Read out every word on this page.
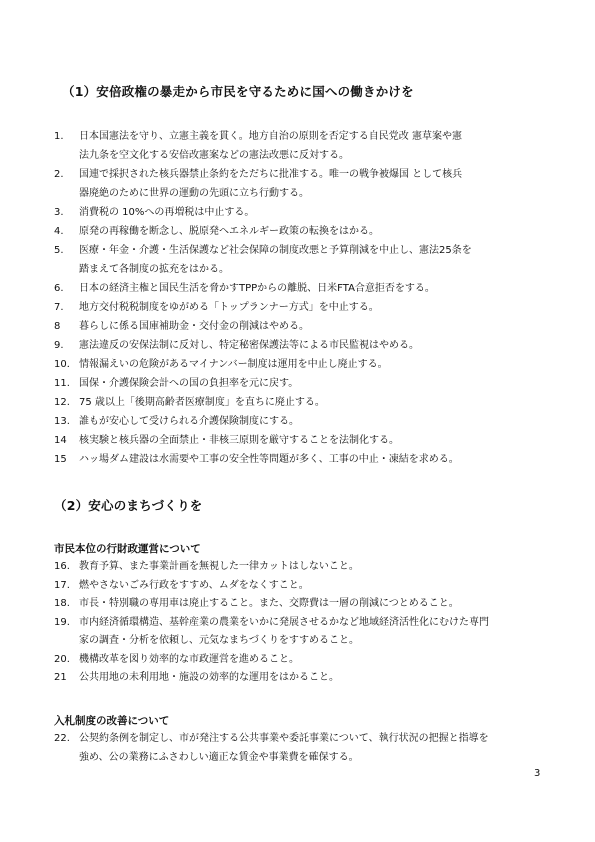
（1）安倍政権の暴走から市民を守るために国への働きかけを
1. 日本国憲法を守り、立憲主義を貫く。地方自治の原則を否定する自民党改 憲草案や憲
法九条を空文化する安倍改憲案などの憲法改悪に反対する。
2. 国連で採択された核兵器禁止条約をただちに批准する。唯一の戦争被爆国 として核兵
器廃絶のために世界の運動の先頭に立ち行動する。
3. 消費税の 10%への再増税は中止する。
4. 原発の再稼働を断念し、脱原発へエネルギー政策の転換をはかる。
5. 医療・年金・介護・生活保護など社会保障の制度改悪と予算削減を中止し、憲法25条を
踏まえて各制度の拡充をはかる。
6. 日本の経済主権と国民生活を脅かすTPPからの離脱、日米FTA合意拒否をする。
7. 地方交付税税制度をゆがめる「トップランナー方式」を中止する。
8 暮らしに係る国庫補助金・交付金の削減はやめる。
9. 憲法違反の安保法制に反対し、特定秘密保護法等による市民監視はやめる。
10． 情報漏えいの危険があるマイナンバー制度は運用を中止し廃止する。
11. 国保・介護保険会計への国の負担率を元に戻す。
12. 75 歳以上「後期高齢者医療制度」を直ちに廃止する。
13. 誰もが安心して受けられる介護保険制度にする。
14 核実験と核兵器の全面禁止・非核三原則を厳守することを法制化する。
15 ハッ場ダム建設は水需要や工事の安全性等問題が多く、工事の中止・凍結を求める。
（2）安心のまちづくりを
市民本位の行財政運営について
16. 教育予算、また事業計画を無視した一律カットはしないこと。
17. 燃やさないごみ行政をすすめ、ムダをなくすこと。
18. 市長・特別職の専用車は廃止すること。また、交際費は一層の削減につとめること。
19. 市内経済循環構造、基幹産業の農業をいかに発展させるかなど地域経済活性化にむけた専門
家の調査・分析を依頼し、元気なまちづくりをすすめること。
20. 機構改革を図り効率的な市政運営を進めること。
21 公共用地の未利用地・施設の効率的な運用をはかること。
入札制度の改善について
22. 公契約条例を制定し、市が発注する公共事業や委託事業について、執行状況の把握と指導を
強め、公の業務にふさわしい適正な賃金や事業費を確保する。
3
